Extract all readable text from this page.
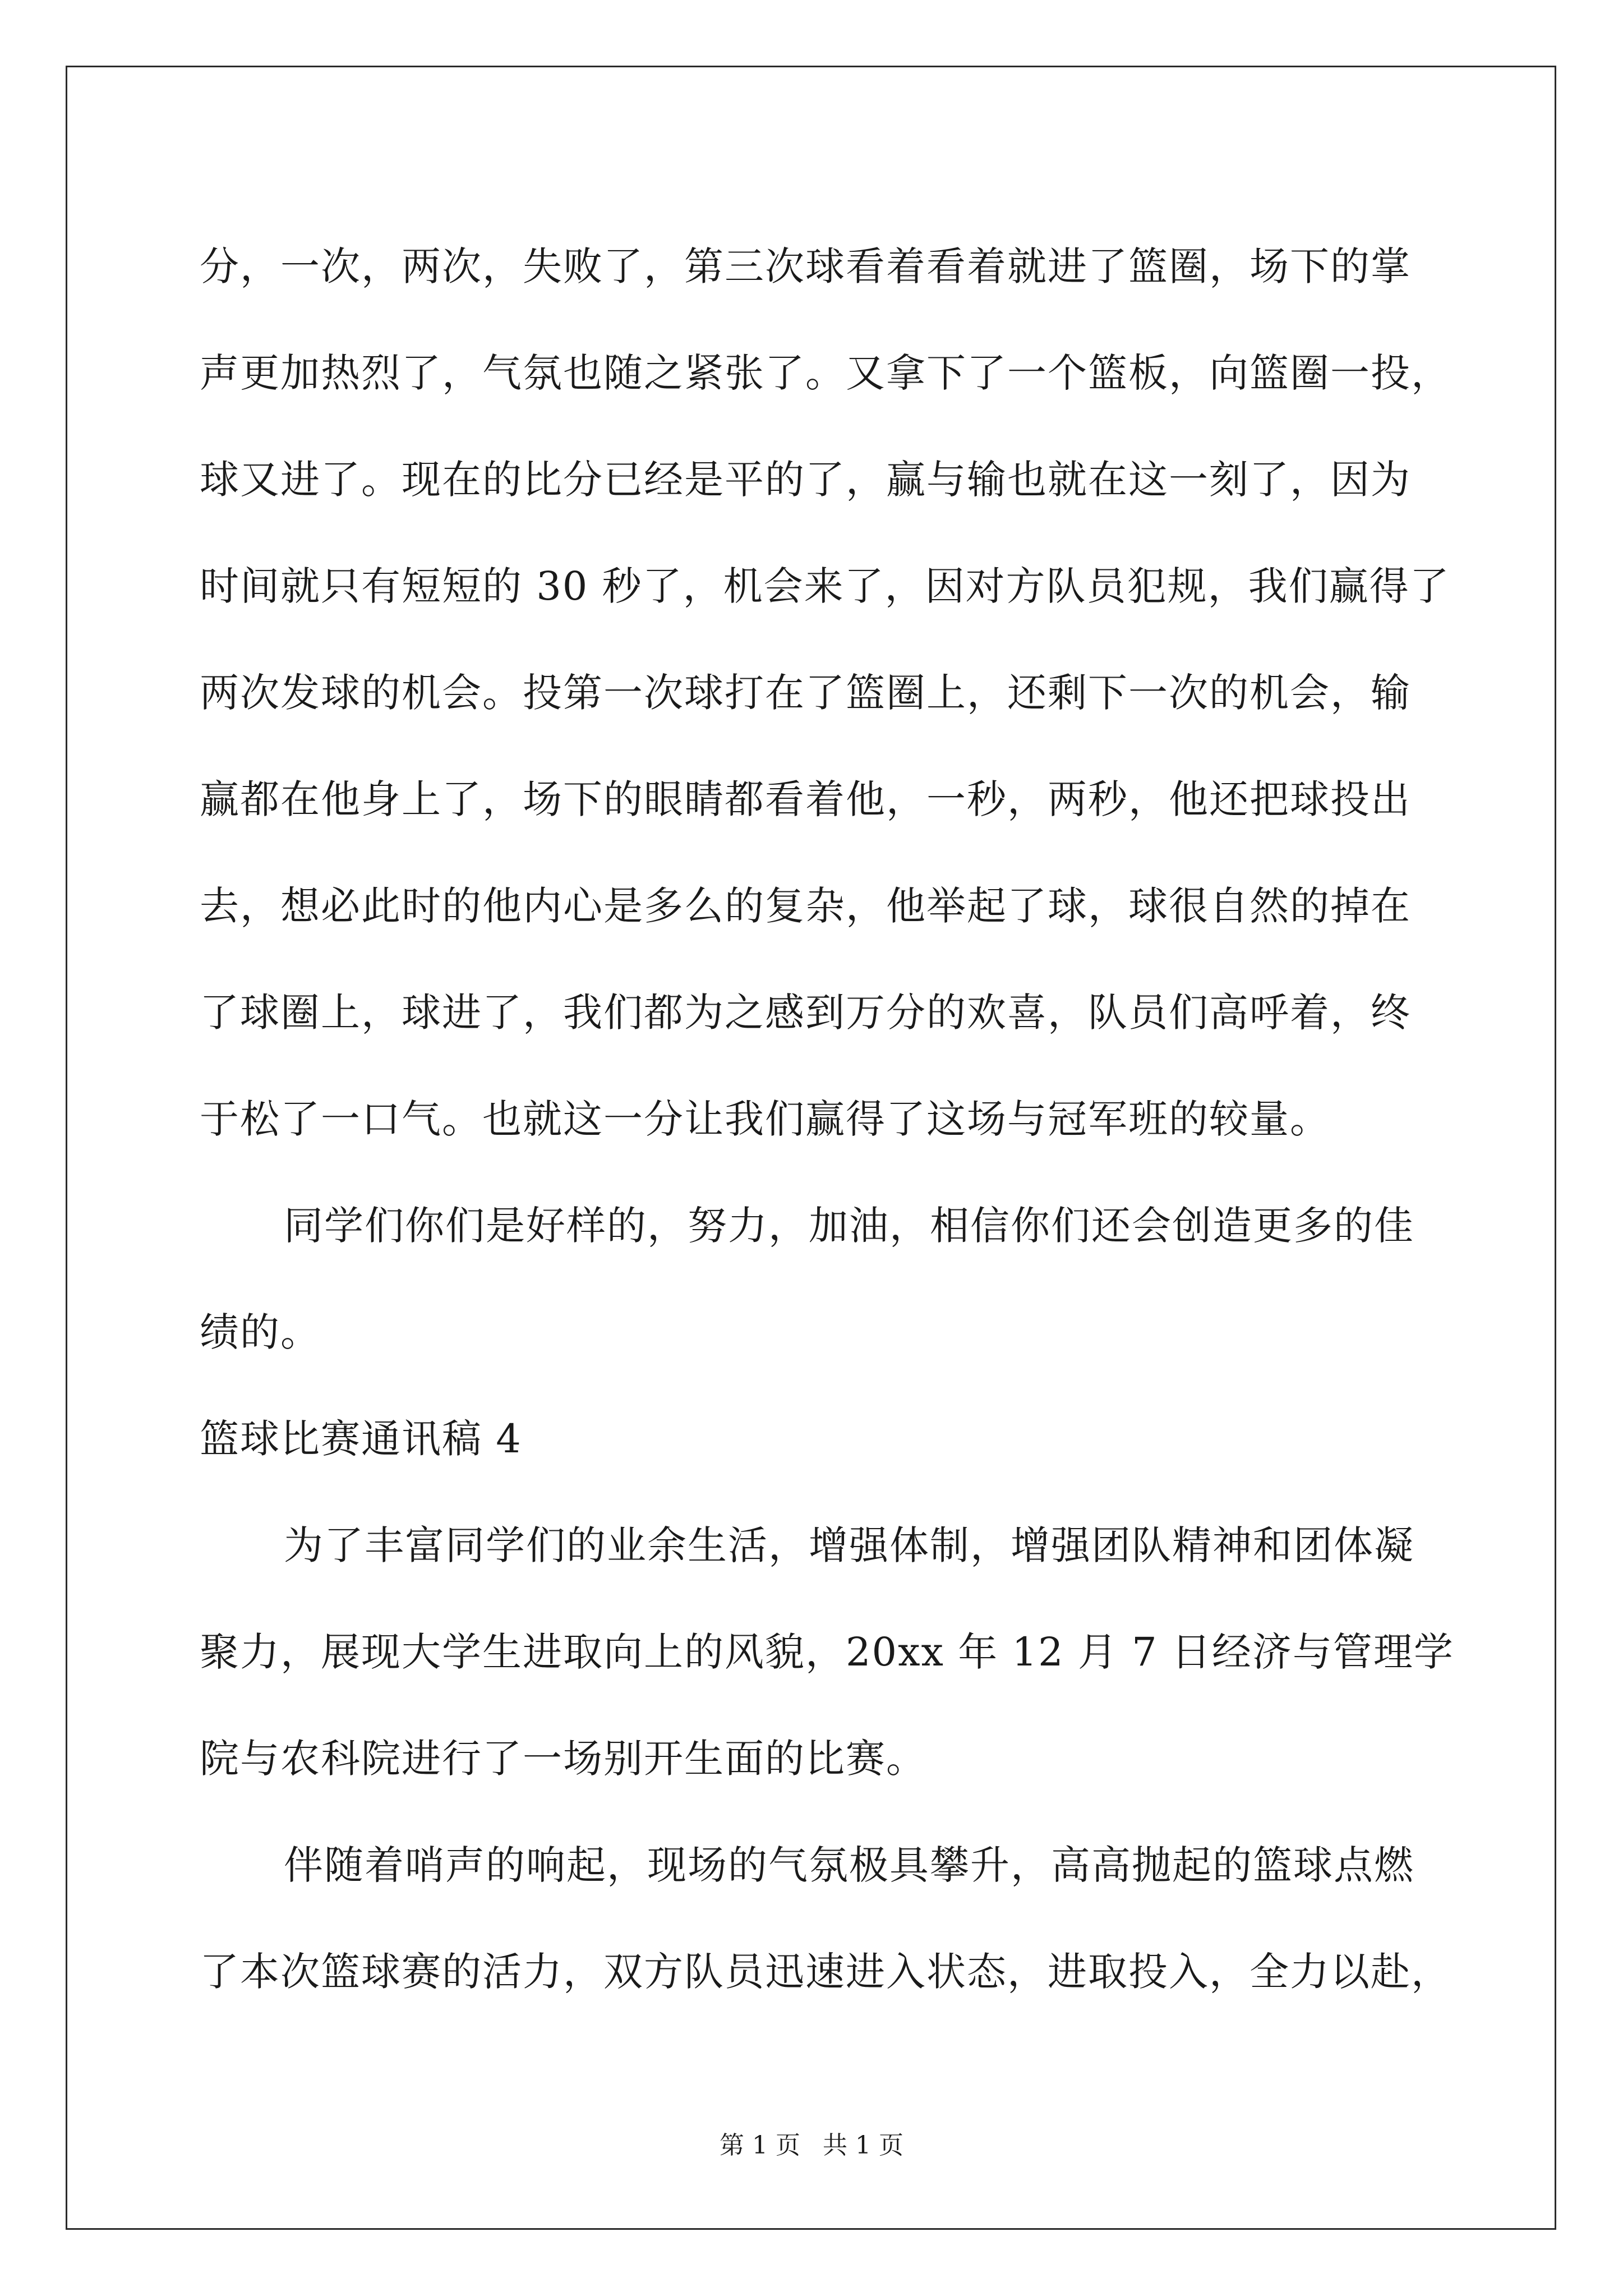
分，一次，两次，失败了，第三次球看着看着就进了篮圈，场下的掌
声更加热烈了，气氛也随之紧张了。又拿下了一个篮板，向篮圈一投，
球又进了。现在的比分已经是平的了，赢与输也就在这一刻了，因为
时间就只有短短的 30 秒了，机会来了，因对方队员犯规，我们赢得了
两次发球的机会。投第一次球打在了篮圈上，还剩下一次的机会，输
赢都在他身上了，场下的眼睛都看着他，一秒，两秒，他还把球投出
去，想必此时的他内心是多么的复杂，他举起了球，球很自然的掉在
了球圈上，球进了，我们都为之感到万分的欢喜，队员们高呼着，终
于松了一口气。也就这一分让我们赢得了这场与冠军班的较量。
同学们你们是好样的，努力，加油，相信你们还会创造更多的佳
绩的。
篮球比赛通讯稿 4
为了丰富同学们的业余生活，增强体制，增强团队精神和团体凝
聚力，展现大学生进取向上的风貌，20xx 年 12 月 7 日经济与管理学
院与农科院进行了一场别开生面的比赛。
伴随着哨声的响起，现场的气氛极具攀升，高高抛起的篮球点燃
了本次篮球赛的活力，双方队员迅速进入状态，进取投入，全力以赴，
第 1 页 共 1 页
